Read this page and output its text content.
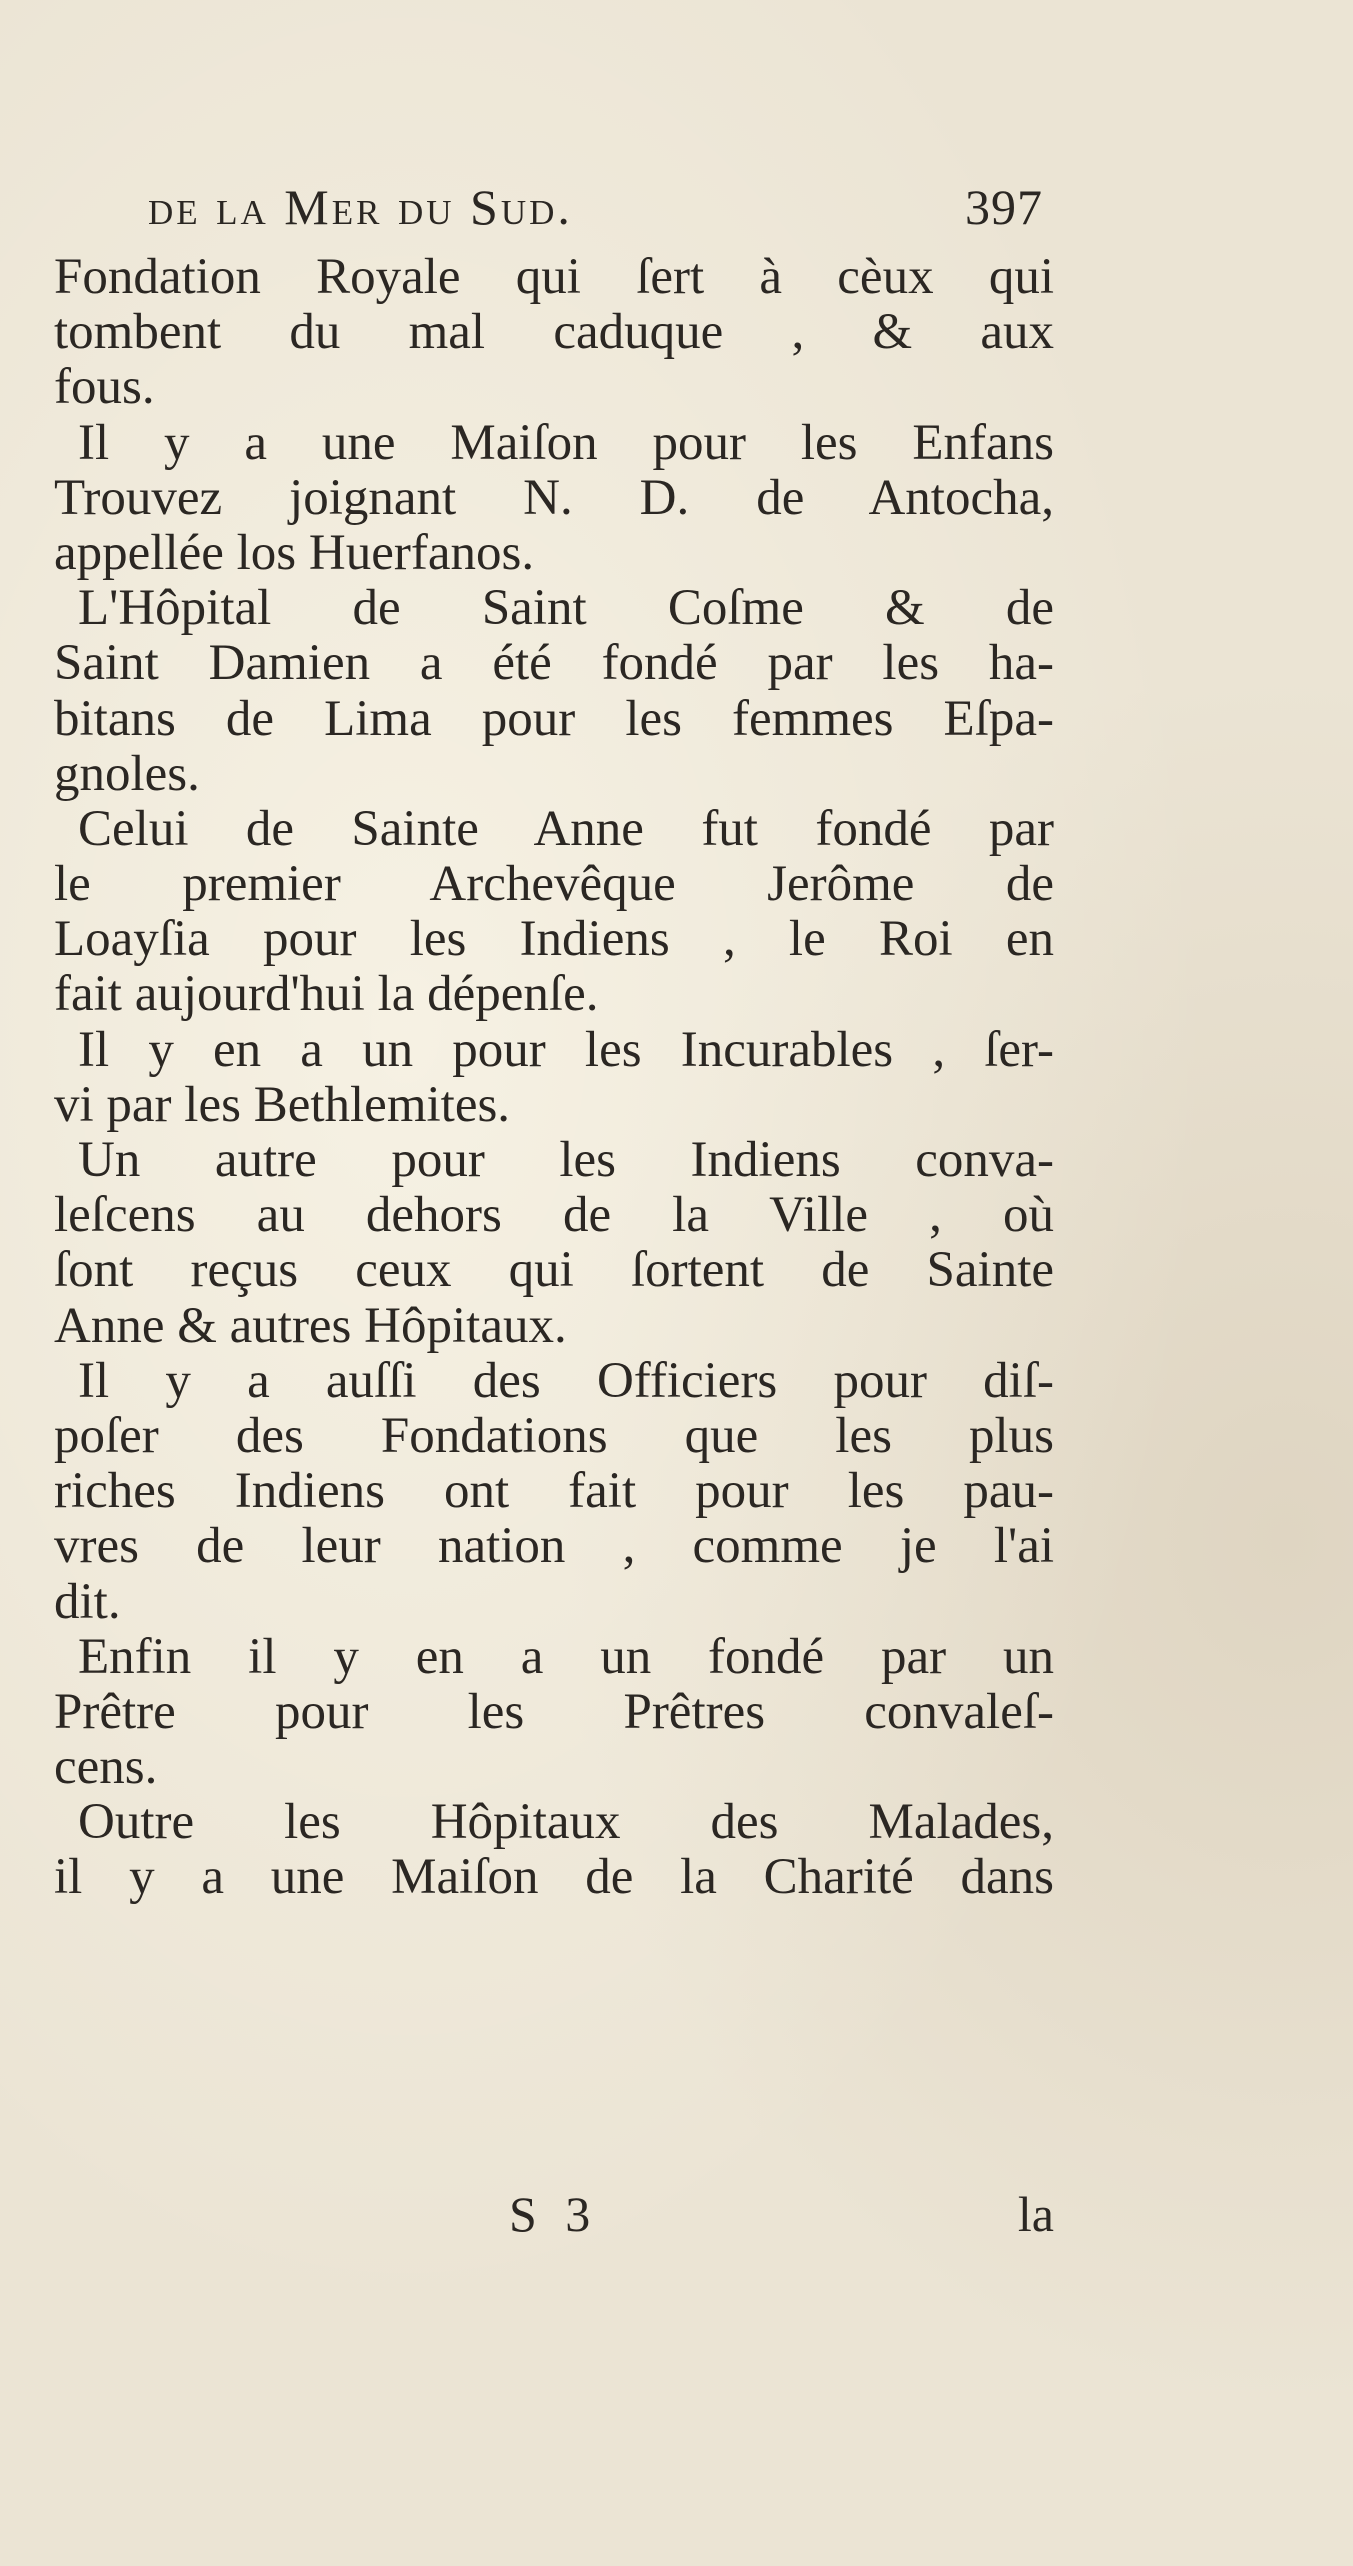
de la Mer du Sud.	397
Fondation Royale qui ſert à cèux qui
tombent du mal caduque , & aux
fous.
Il y a une Maiſon pour les Enfans
Trouvez joignant N. D. de Antocha,
appellée los Huerfanos.
L'Hôpital de Saint Coſme & de
Saint Damien a été fondé par les ha-
bitans de Lima pour les femmes Eſpa-
gnoles.
Celui de Sainte Anne fut fondé par
le premier Archevêque Jerôme de
Loayſia pour les Indiens , le Roi en
fait aujourd'hui la dépenſe.
Il y en a un pour les Incurables , ſer-
vi par les Bethlemites.
Un autre pour les Indiens conva-
leſcens au dehors de la Ville , où
ſont reçus ceux qui ſortent de Sainte
Anne & autres Hôpitaux.
Il y a auſſi des Officiers pour diſ-
poſer des Fondations que les plus
riches Indiens ont fait pour les pau-
vres de leur nation , comme je l'ai
dit.
Enfin il y en a un fondé par un
Prêtre pour les Prêtres convaleſ-
cens.
Outre les Hôpitaux des Malades,
il y a une Maiſon de la Charité dans
S 3	la
